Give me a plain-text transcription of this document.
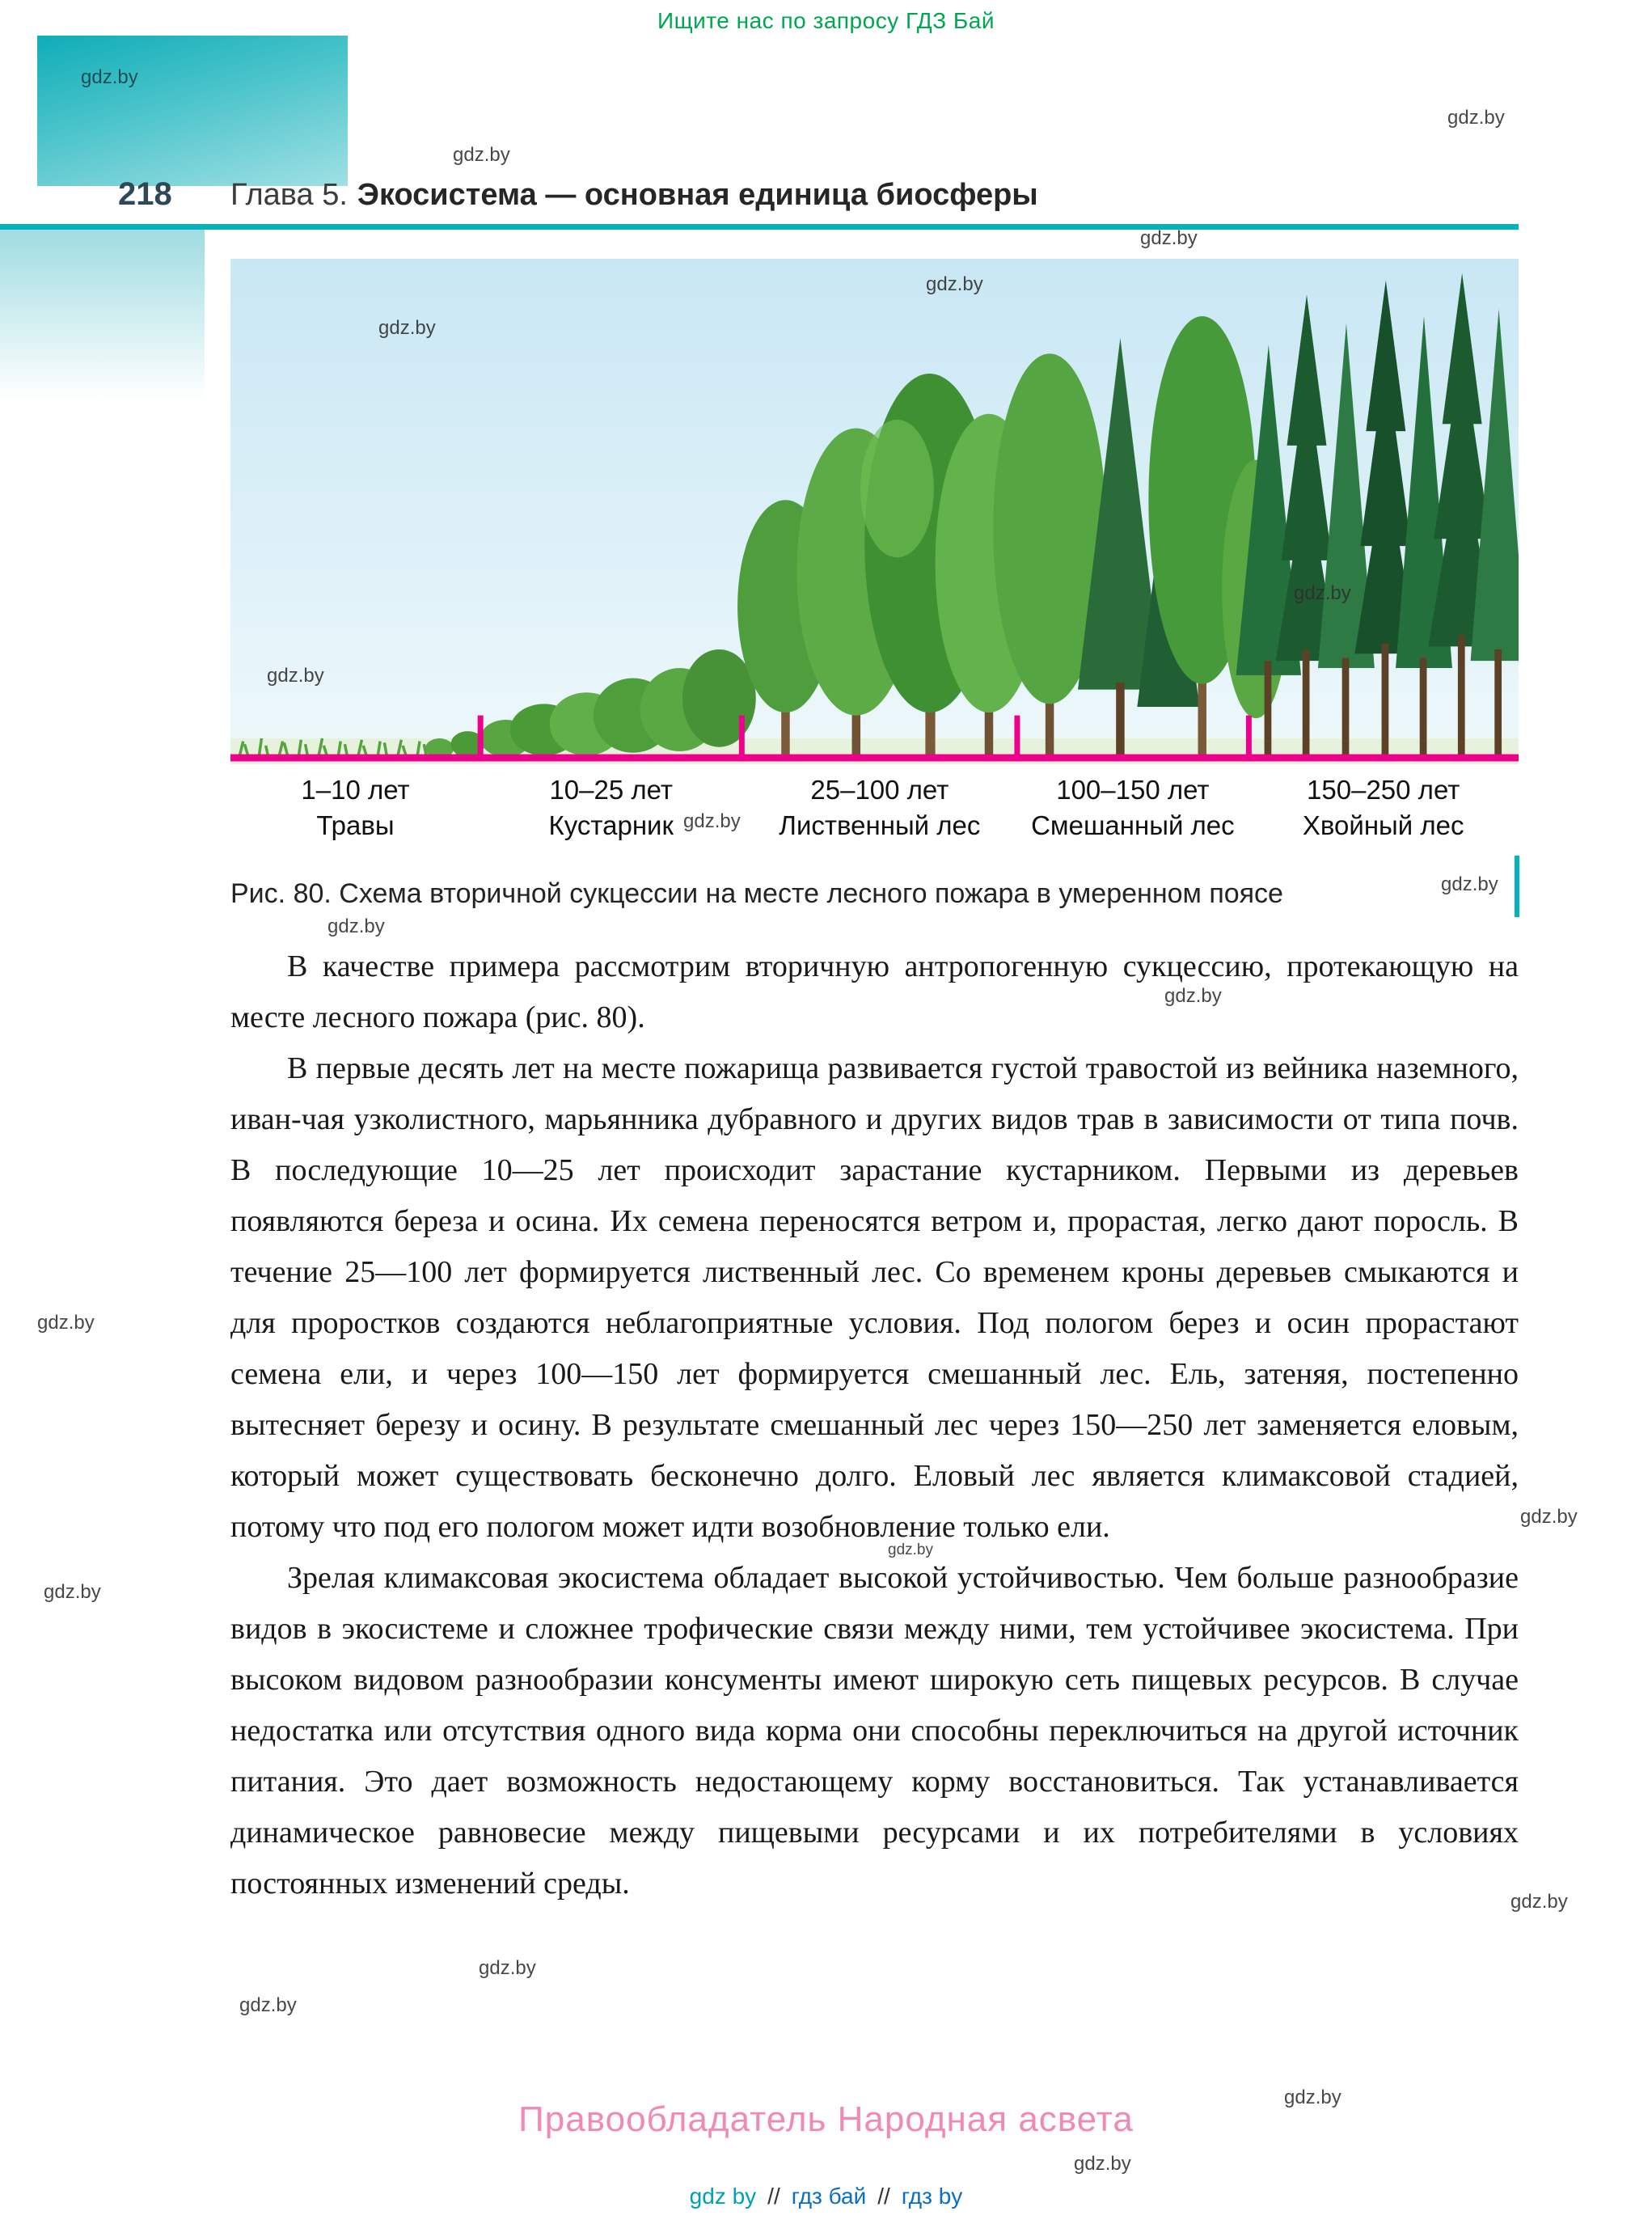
Ищите нас по запросу ГДЗ Бай
218 Глава 5. Экосистема — основная единица биосферы
1–10 лет
Травы
10–25 лет
Кустарник
25–100 лет
Лиственный лес
100–150 лет
Смешанный лес
150–250 лет
Хвойный лес
Рис. 80. Схема вторичной сукцессии на месте лесного пожара в умеренном поясе

В качестве примера рассмотрим вторичную антропогенную сукцессию, протекающую на месте лесного пожара (рис. 80).

В первые десять лет на месте пожарища развивается густой травостой из вейника наземного, иван-чая узколистного, марьянника дубравного и других видов трав в зависимости от типа почв. В последующие 10—25 лет происходит зарастание кустарником. Первыми из деревьев появляются береза и осина. Их семена переносятся ветром и, прорастая, легко дают поросль. В течение 25—100 лет формируется лиственный лес. Со временем кроны деревьев смыкаются и для проростков создаются неблагоприятные условия. Под пологом берез и осин прорастают семена ели, и через 100—150 лет формируется смешанный лес. Ель, затеняя, постепенно вытесняет березу и осину. В результате смешанный лес через 150—250 лет заменяется еловым, который может существовать бесконечно долго. Еловый лес является климаксовой стадией, потому что под его пологом может идти возобновление только ели.

Зрелая климаксовая экосистема обладает высокой устойчивостью. Чем больше разнообразие видов в экосистеме и сложнее трофические связи между ними, тем устойчивее экосистема. При высоком видовом разнообразии консументы имеют широкую сеть пищевых ресурсов. В случае недостатка или отсутствия одного вида корма они способны переключиться на другой источник питания. Это дает возможность недостающему корму восстановиться. Так устанавливается динамическое равновесие между пищевыми ресурсами и их потребителями в условиях постоянных изменений среды.

Правообладатель Народная асвета
gdz by // гдз бай // гдз by
gdz.by
gdz.by
gdz.by
gdz.by
gdz.by
gdz.by
gdz.by
gdz.by
gdz.by
gdz.by
gdz.by
gdz.by
gdz.by
gdz.by
gdz.by
gdz.by
gdz.by
gdz.by
gdz.by
gdz.by
gdz.by
